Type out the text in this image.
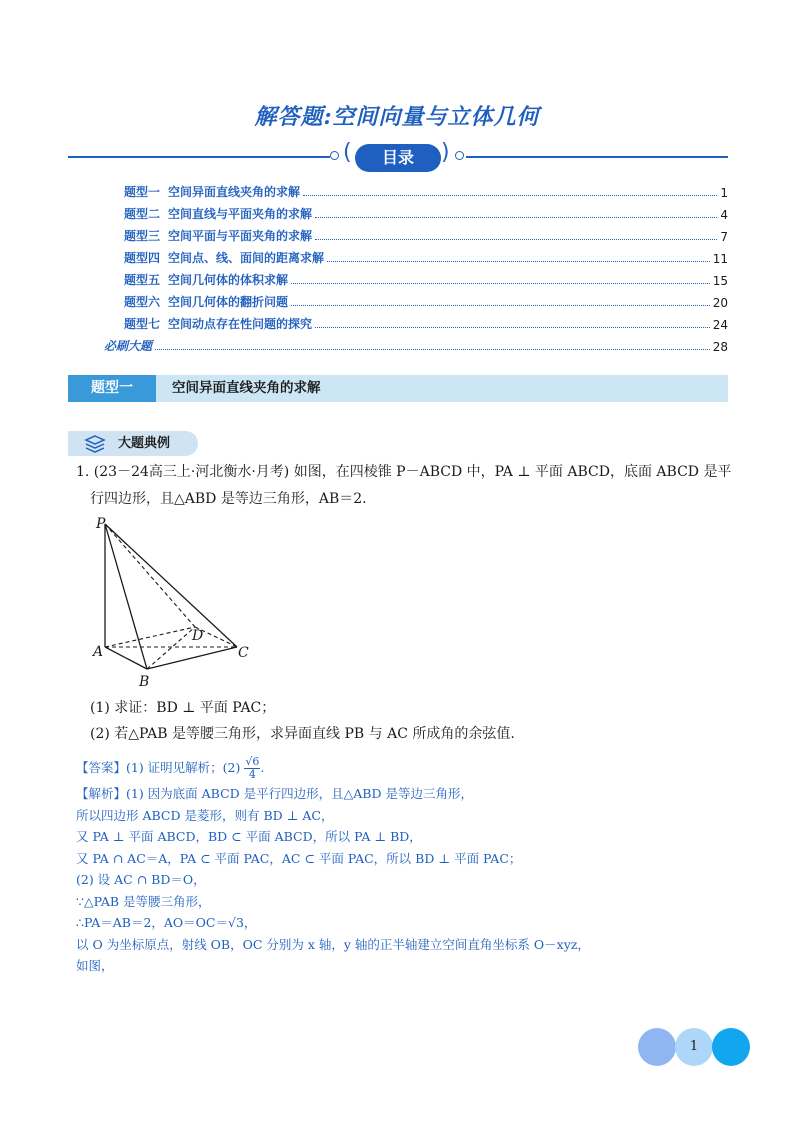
解答题:空间向量与立体几何
(	目录	)
题型一 空间异面直线夹角的求解	1
题型二 空间直线与平面夹角的求解	4
题型三 空间平面与平面夹角的求解	7
题型四 空间点、线、面间的距离求解	11
题型五 空间几何体的体积求解	15
题型六 空间几何体的翻折问题	20
题型七 空间动点存在性问题的探究	24
必刷大题	28
题型一	空间异面直线夹角的求解
大题典例
1. (23－24高三上·河北衡水·月考) 如图，在四棱锥 P－ABCD 中，PA ⊥ 平面 ABCD，底面 ABCD 是平
行四边形，且△ABD 是等边三角形，AB＝2.
P
A
B
C
D
(1) 求证：BD ⊥ 平面 PAC；
(2) 若△PAB 是等腰三角形，求异面直线 PB 与 AC 所成角的余弦值.
【答案】(1) 证明见解析；$(2) \frac{√6}{4}$ .
【解析】(1) 因为底面 ABCD 是平行四边形，且△ABD 是等边三角形，
所以四边形 ABCD 是菱形，则有 BD ⊥ AC，
又 PA ⊥ 平面 ABCD，BD ⊂ 平面 ABCD，所以 PA ⊥ BD，
又 PA ∩ AC＝A，PA ⊂ 平面 PAC，AC ⊂ 平面 PAC，所以 BD ⊥ 平面 PAC；
(2) 设 AC ∩ BD＝O，
∵△PAB 是等腰三角形，
∴PA＝AB＝2，AO＝OC＝√3，
以 O 为坐标原点，射线 OB，OC 分别为 x 轴，y 轴的正半轴建立空间直角坐标系 O－xyz，
如图，
1
